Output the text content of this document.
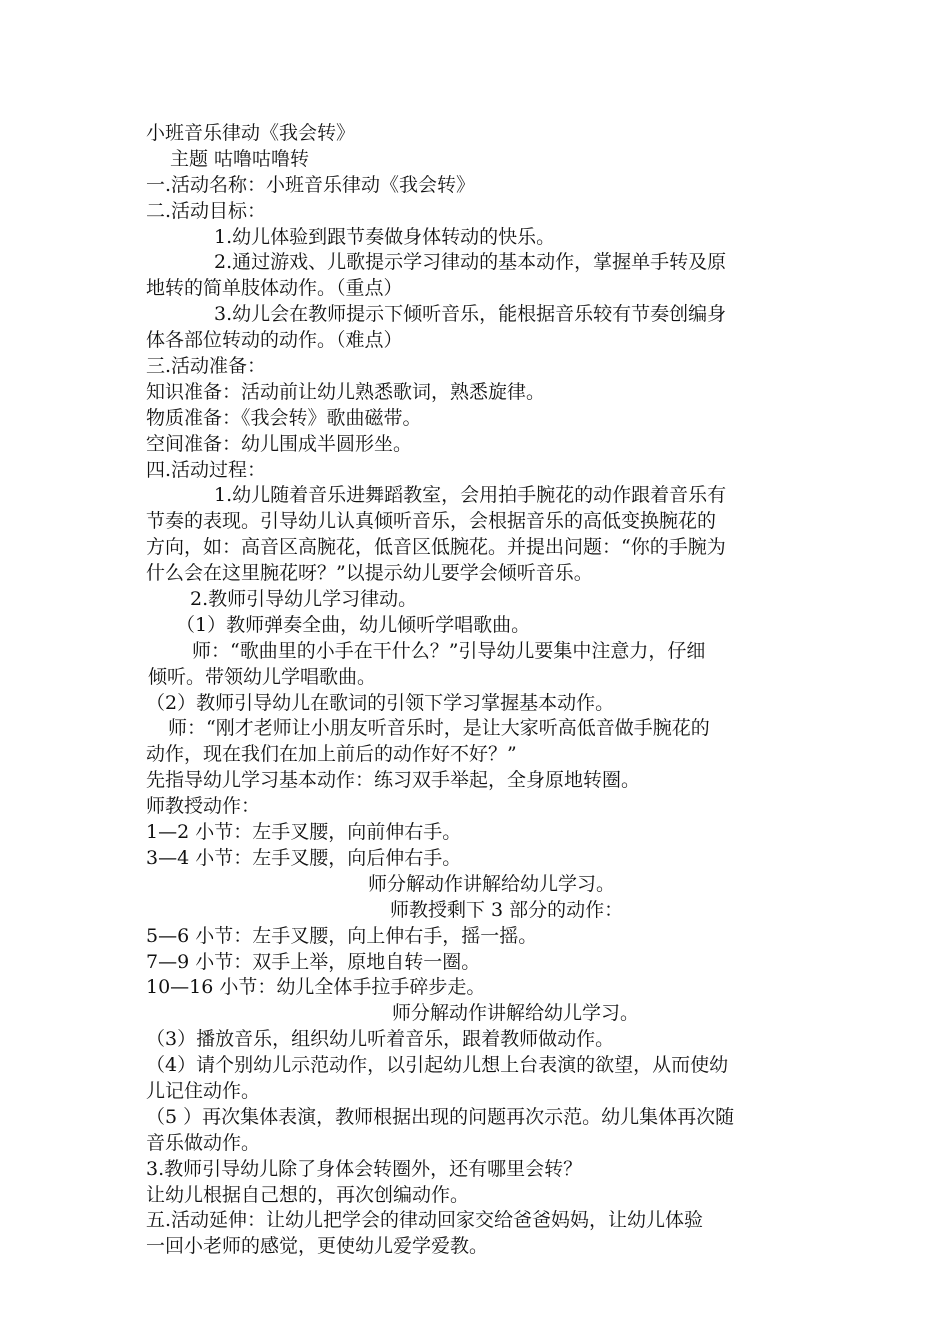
小班音乐律动《我会转》
主题 咕噜咕噜转
一.活动名称：小班音乐律动《我会转》
二.活动目标：
1.幼儿体验到跟节奏做身体转动的快乐。
2.通过游戏、儿歌提示学习律动的基本动作，掌握单手转及原
地转的简单肢体动作。（重点）
3.幼儿会在教师提示下倾听音乐，能根据音乐较有节奏创编身
体各部位转动的动作。（难点）
三.活动准备：
知识准备：活动前让幼儿熟悉歌词，熟悉旋律。
物质准备：《我会转》歌曲磁带。
空间准备：幼儿围成半圆形坐。
四.活动过程：
1.幼儿随着音乐进舞蹈教室，会用拍手腕花的动作跟着音乐有
节奏的表现。引导幼儿认真倾听音乐，会根据音乐的高低变换腕花的
方向，如：高音区高腕花，低音区低腕花。并提出问题：“你的手腕为
什么会在这里腕花呀？”以提示幼儿要学会倾听音乐。
2.教师引导幼儿学习律动。
（1）教师弹奏全曲，幼儿倾听学唱歌曲。
师：“歌曲里的小手在干什么？”引导幼儿要集中注意力，仔细
倾听。带领幼儿学唱歌曲。
（2）教师引导幼儿在歌词的引领下学习掌握基本动作。
师：“刚才老师让小朋友听音乐时，是让大家听高低音做手腕花的
动作，现在我们在加上前后的动作好不好？”
先指导幼儿学习基本动作：练习双手举起，全身原地转圈。
师教授动作：
1—2 小节：左手叉腰，向前伸右手。
3—4 小节：左手叉腰，向后伸右手。
师分解动作讲解给幼儿学习。
师教授剩下 3 部分的动作：
5—6 小节：左手叉腰，向上伸右手，摇一摇。
7—9 小节：双手上举，原地自转一圈。
10—16 小节：幼儿全体手拉手碎步走。
师分解动作讲解给幼儿学习。
（3）播放音乐，组织幼儿听着音乐，跟着教师做动作。
（4）请个别幼儿示范动作，以引起幼儿想上台表演的欲望，从而使幼
儿记住动作。
（5 ）再次集体表演，教师根据出现的问题再次示范。幼儿集体再次随
音乐做动作。
3.教师引导幼儿除了身体会转圈外，还有哪里会转？
让幼儿根据自己想的，再次创编动作。
五.活动延伸：让幼儿把学会的律动回家交给爸爸妈妈，让幼儿体验
一回小老师的感觉，更使幼儿爱学爱教。
